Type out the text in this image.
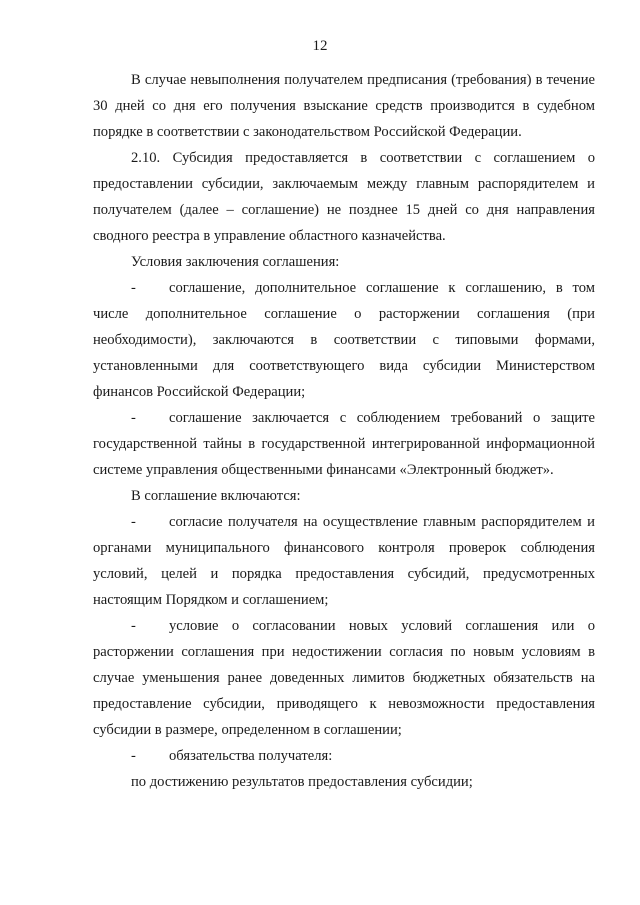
12

В случае невыполнения получателем предписания (требования) в течение 30 дней со дня его получения взыскание средств производится в судебном порядке в соответствии с законодательством Российской Федерации.

2.10. Субсидия предоставляется в соответствии с соглашением о предоставлении субсидии, заключаемым между главным распорядителем и получателем (далее – соглашение) не позднее 15 дней со дня направления сводного реестра в управление областного казначейства.

Условия заключения соглашения:

- соглашение, дополнительное соглашение к соглашению, в том числе дополнительное соглашение о расторжении соглашения (при необходимости), заключаются в соответствии с типовыми формами, установленными для соответствующего вида субсидии Министерством финансов Российской Федерации;

- соглашение заключается с соблюдением требований о защите государственной тайны в государственной интегрированной информационной системе управления общественными финансами «Электронный бюджет».

В соглашение включаются:

- согласие получателя на осуществление главным распорядителем и органами муниципального финансового контроля проверок соблюдения условий, целей и порядка предоставления субсидий, предусмотренных настоящим Порядком и соглашением;

- условие о согласовании новых условий соглашения или о расторжении соглашения при недостижении согласия по новым условиям в случае уменьшения ранее доведенных лимитов бюджетных обязательств на предоставление субсидии, приводящего к невозможности предоставления субсидии в размере, определенном в соглашении;

- обязательства получателя:

по достижению результатов предоставления субсидии;
